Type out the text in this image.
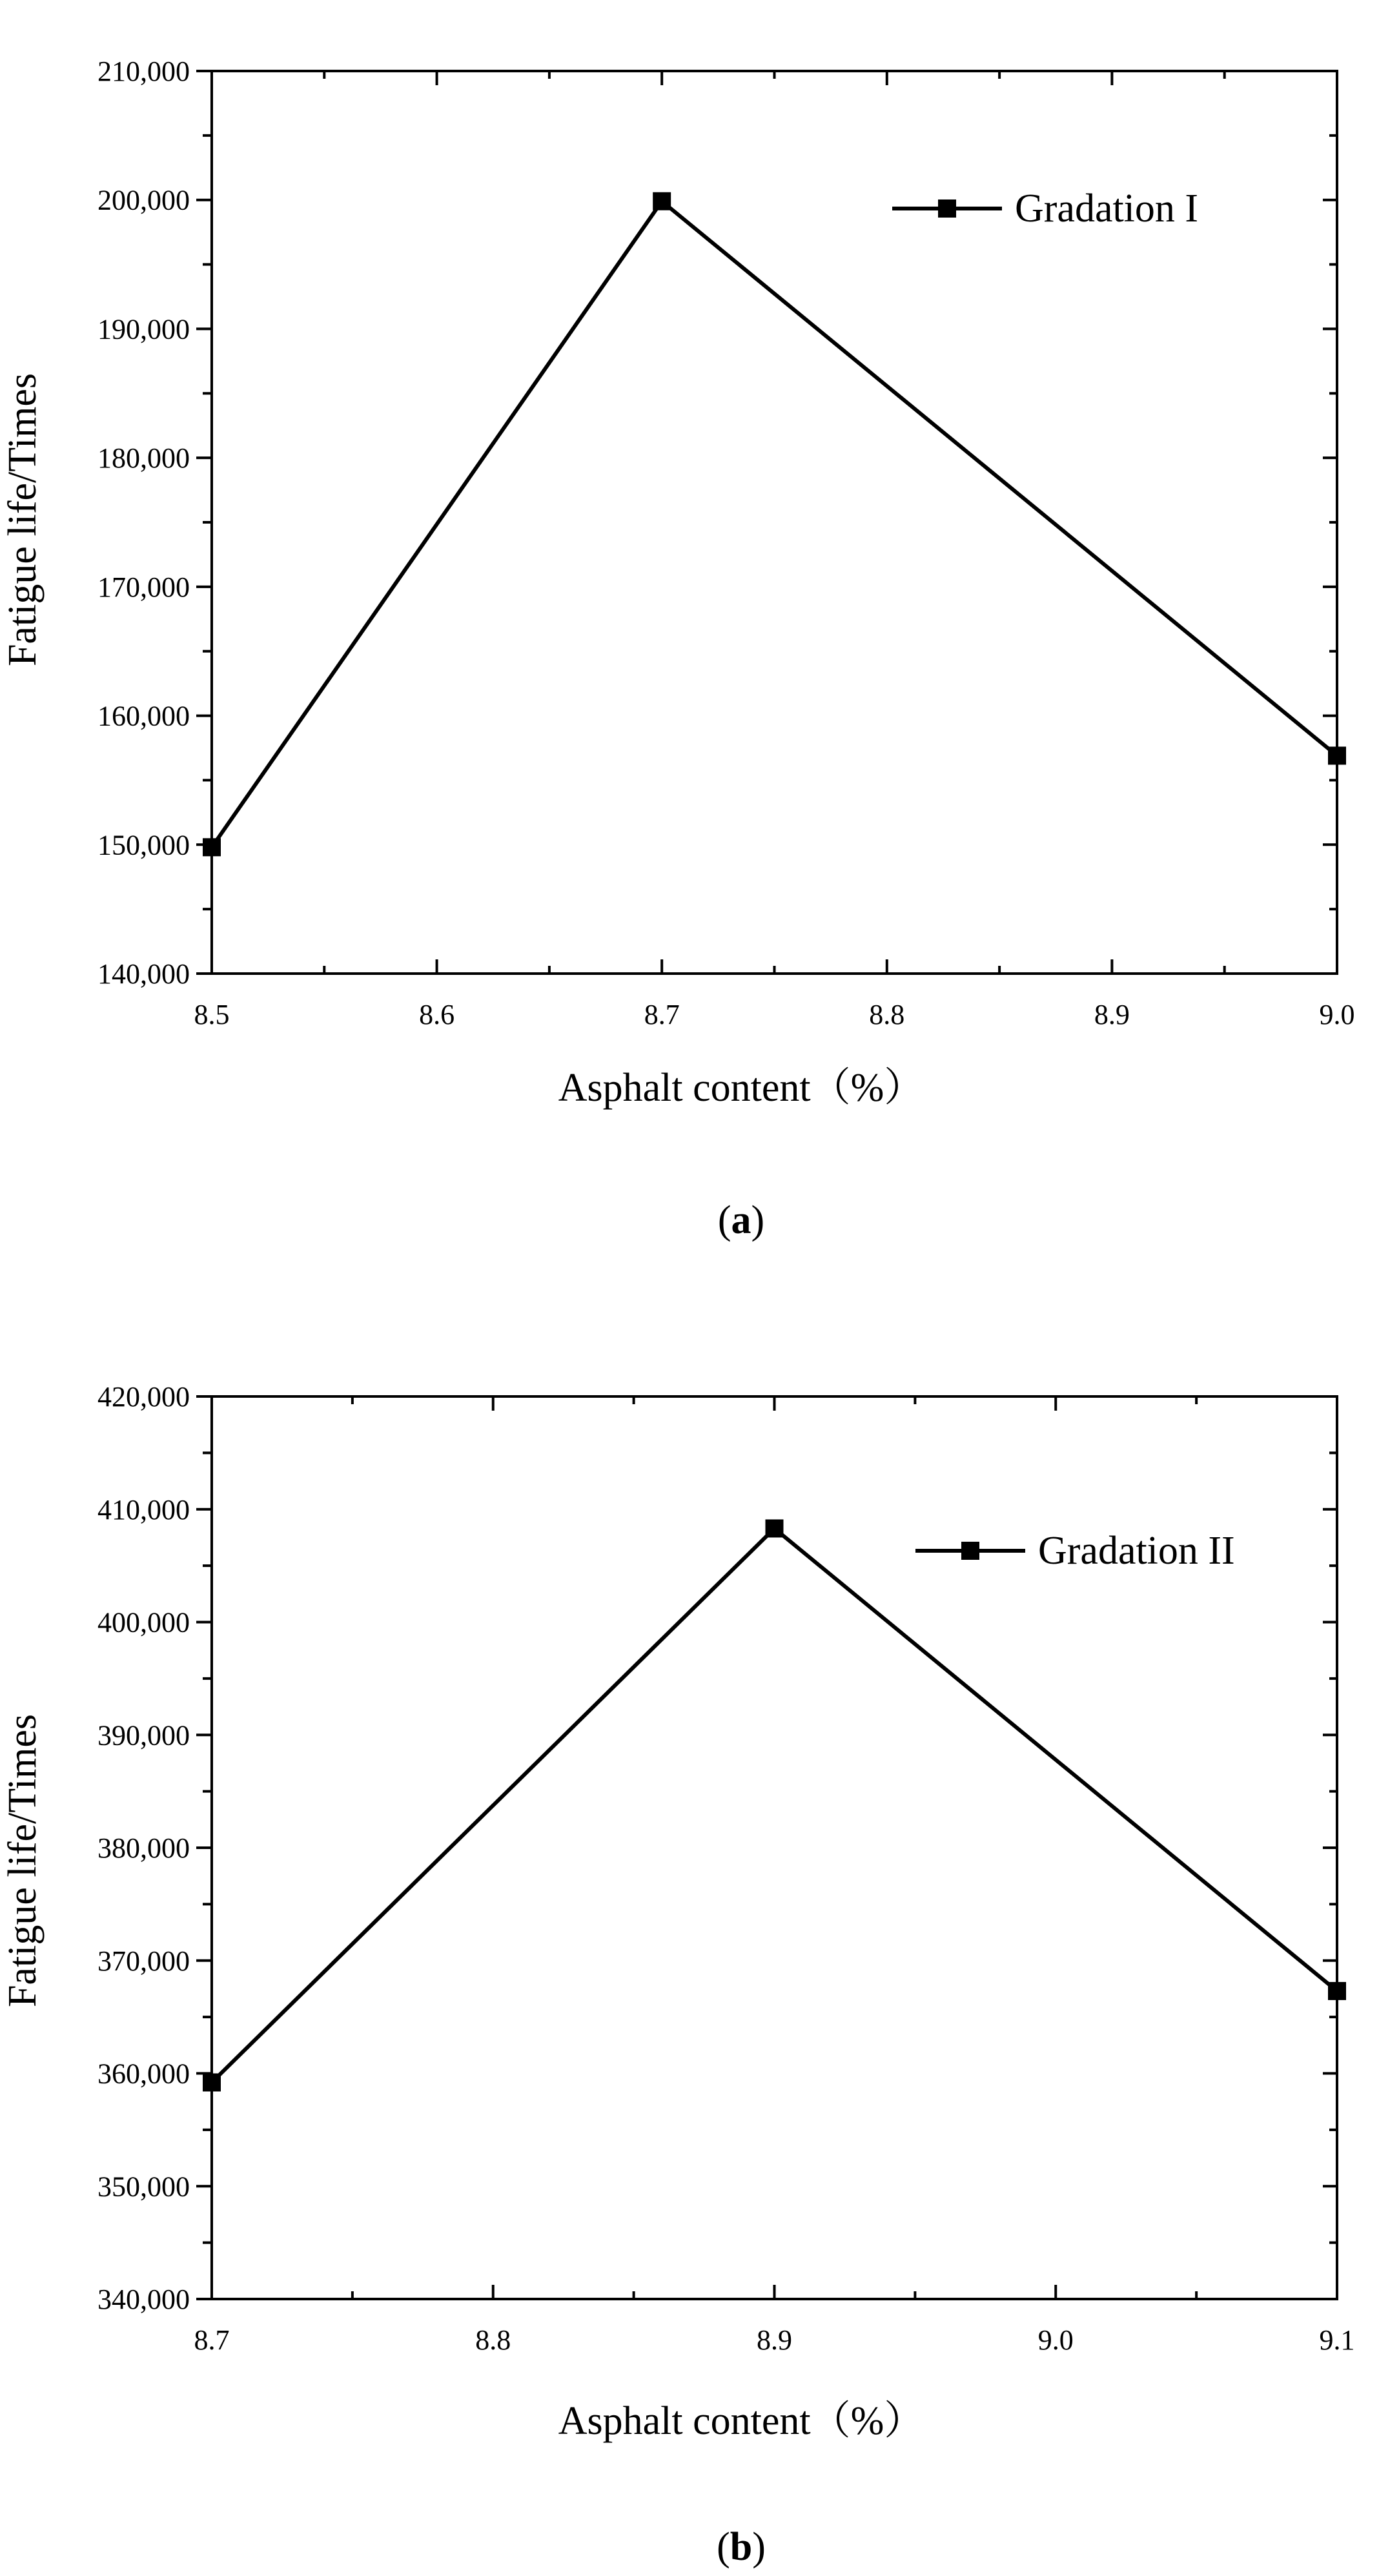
8.5	8.6	8.7	8.8	8.9	9.0
140,000
150,000
160,000
170,000
180,000
190,000
200,000
210,000
Gradation I
Fatigue life/Times
Asphalt content（%）
(a)
8.7	8.8	8.9	9.0	9.1
340,000
350,000
360,000
370,000
380,000
390,000
400,000
410,000
420,000
Gradation II
Fatigue life/Times
Asphalt content（%）
(b)
